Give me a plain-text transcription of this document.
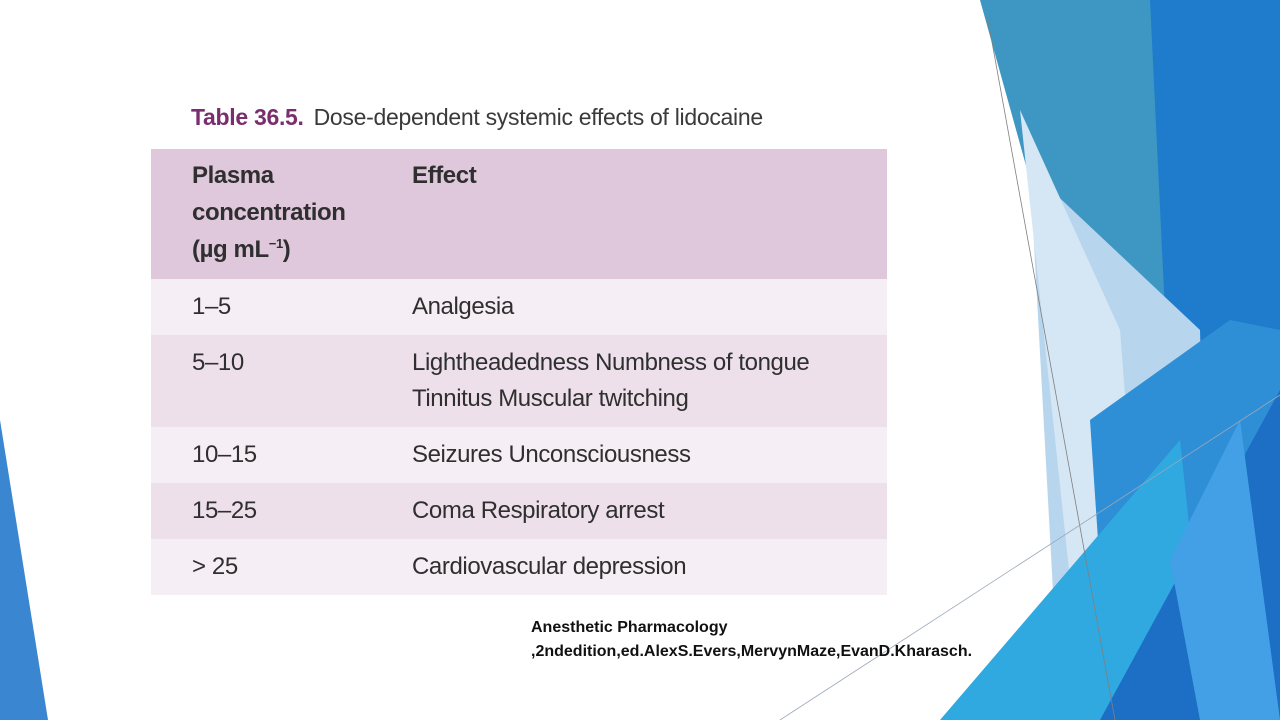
Table 36.5. Dose-dependent systemic effects of lidocaine
Plasma
concentration
(µg $mL^{-1}$)	Effect
1–5	Analgesia
5–10	Lightheadedness Numbness of tongue
Tinnitus Muscular twitching
10–15	Seizures Unconsciousness
15–25	Coma Respiratory arrest
> 25	Cardiovascular depression
Anesthetic Pharmacology
,2ndedition,ed.AlexS.Evers,MervynMaze,EvanD.Kharasch.
